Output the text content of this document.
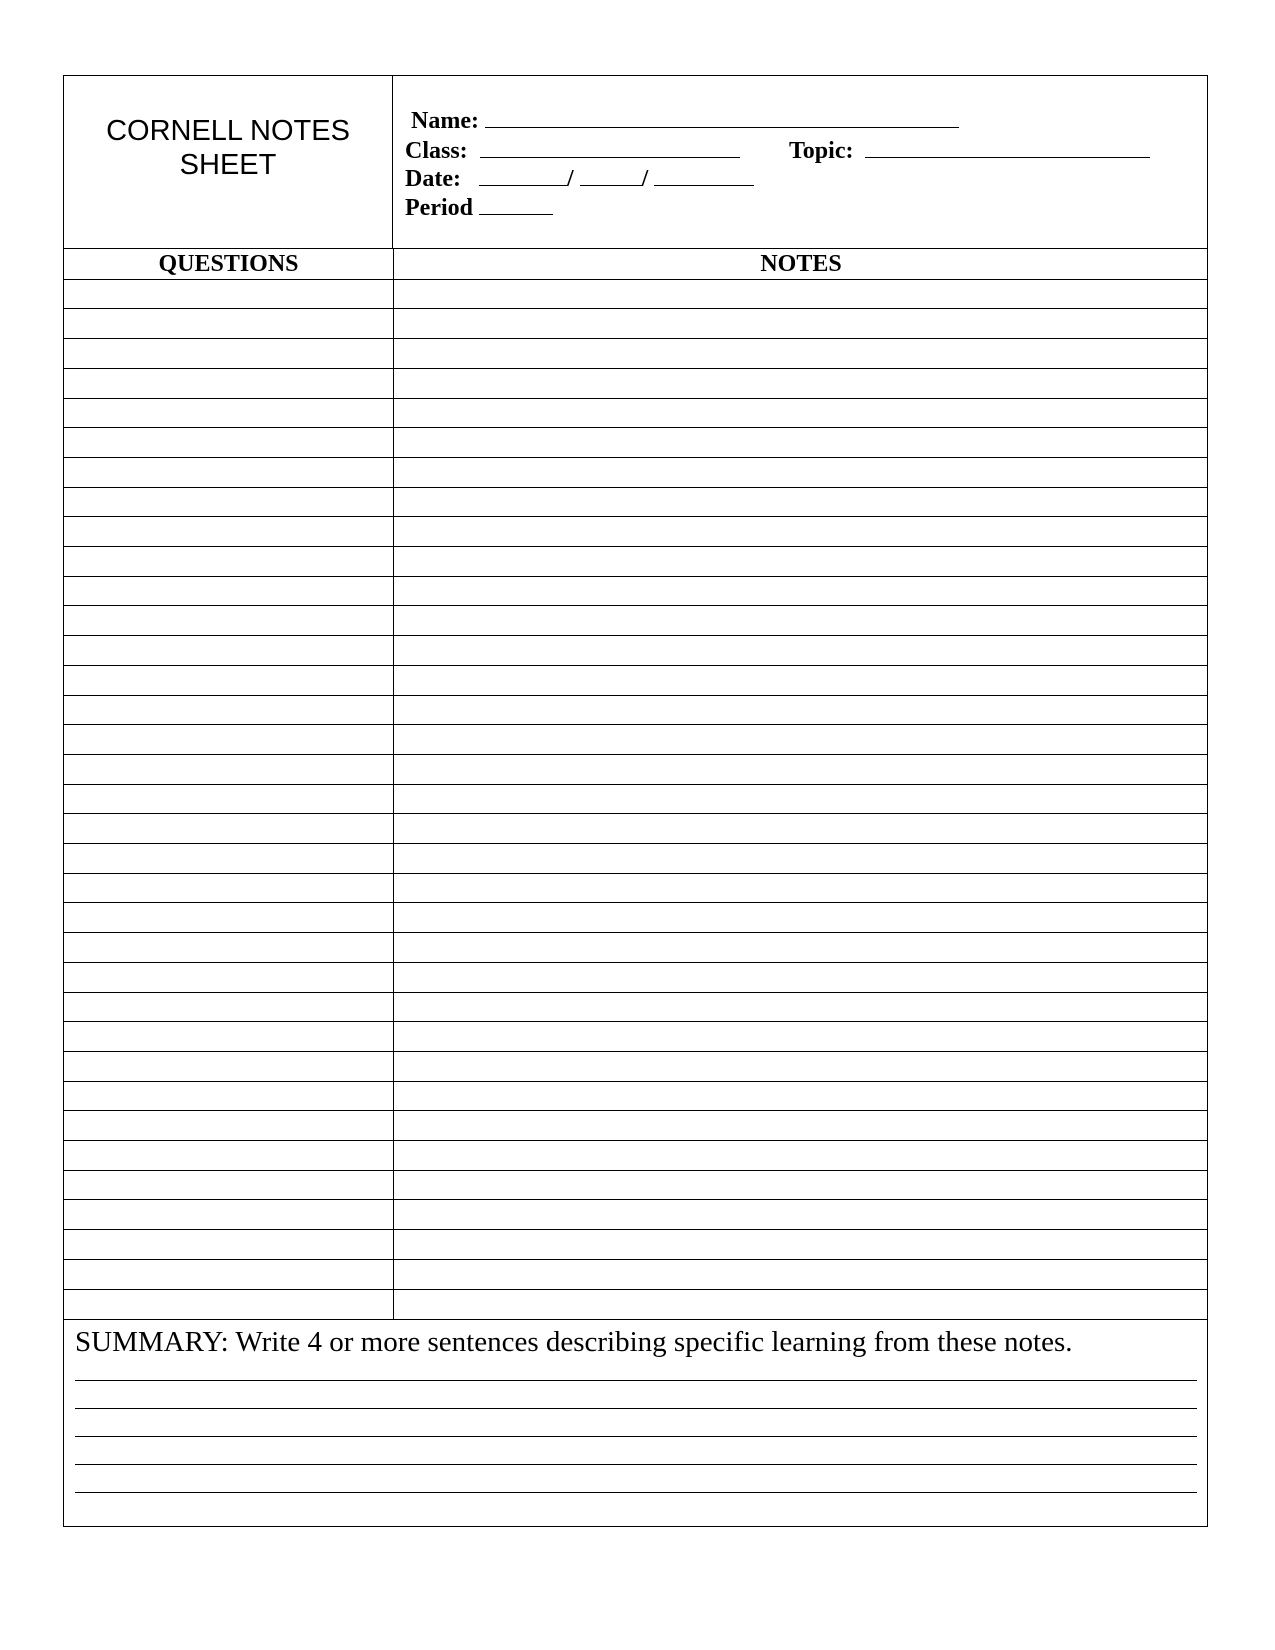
CORNELL NOTES
SHEET
Name:
Class:	Topic:
Date:	/	/
Period
QUESTIONS	NOTES
SUMMARY: Write 4 or more sentences describing specific learning from these notes.
